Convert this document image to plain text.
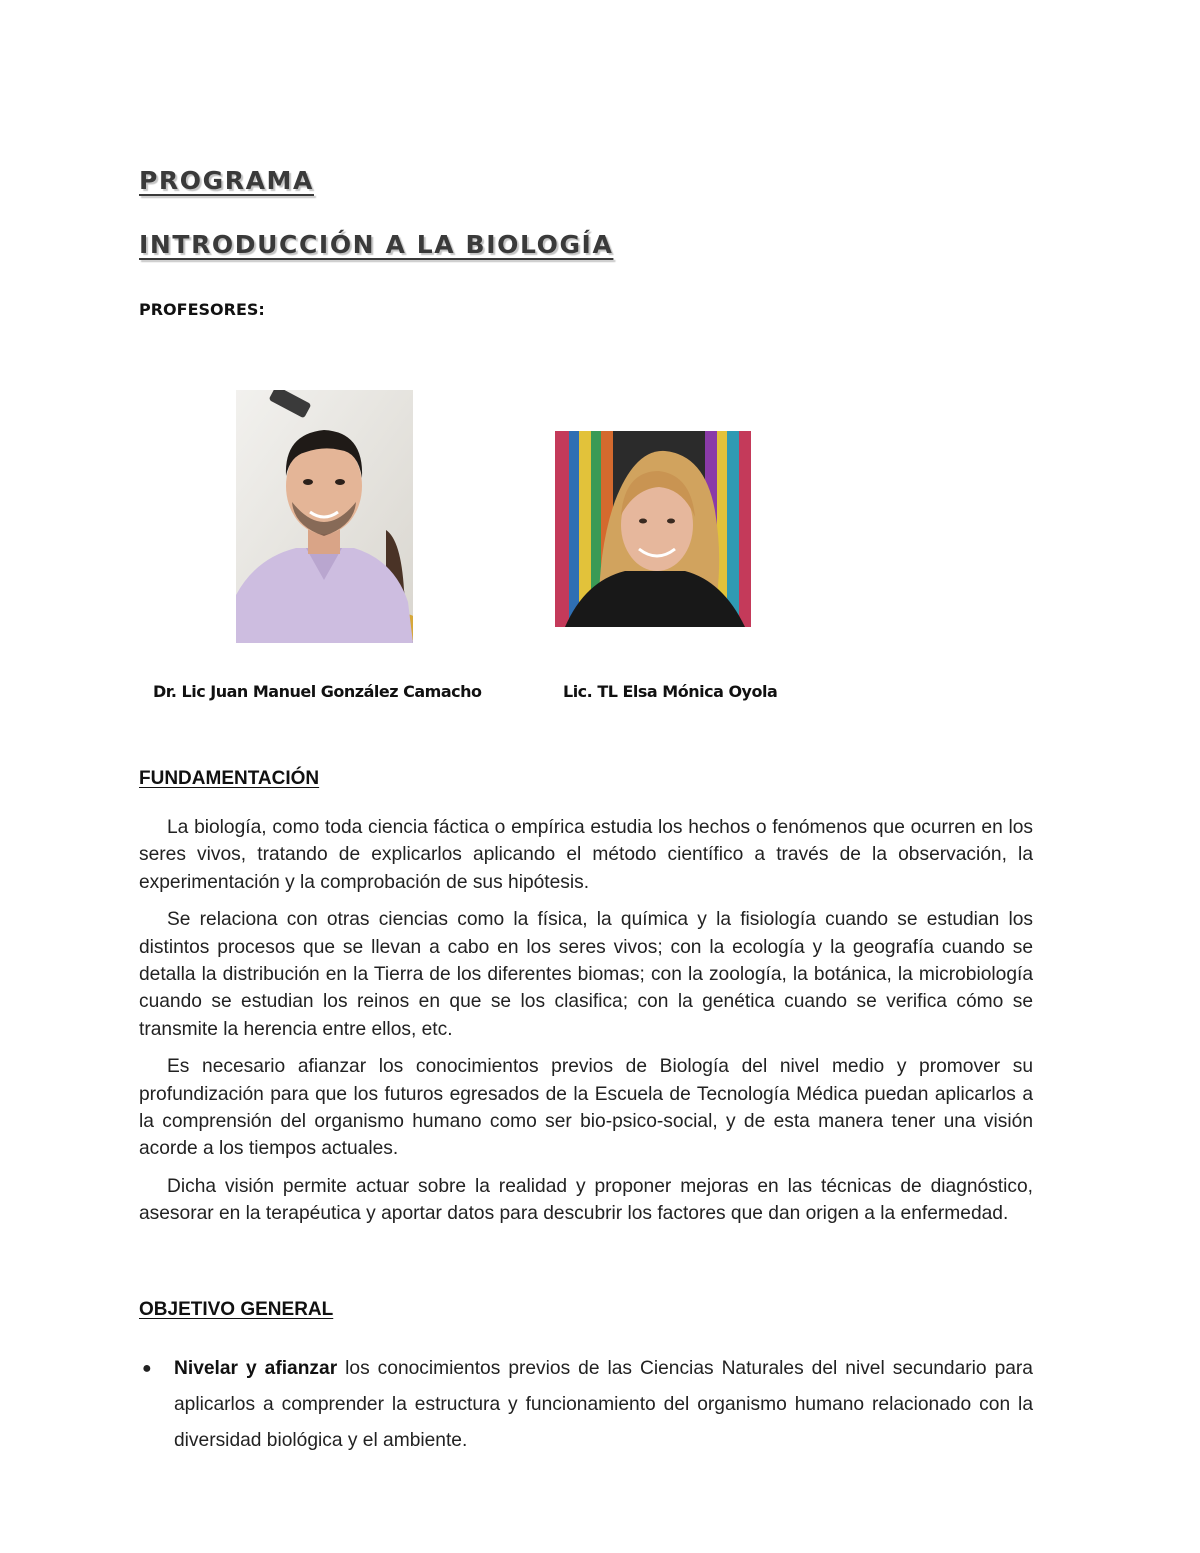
PROGRAMA
INTRODUCCIÓN A LA BIOLOGÍA

PROFESORES:

Dr. Lic Juan Manuel González Camacho	Lic. TL Elsa Mónica Oyola

FUNDAMENTACIÓN

La biología, como toda ciencia fáctica o empírica estudia los hechos o fenómenos que ocurren en los seres vivos, tratando de explicarlos aplicando el método científico a través de la observación, la experimentación y la comprobación de sus hipótesis.

Se relaciona con otras ciencias como la física, la química y la fisiología cuando se estudian los distintos procesos que se llevan a cabo en los seres vivos; con la ecología y la geografía cuando se detalla la distribución en la Tierra de los diferentes biomas; con la zoología, la botánica, la microbiología cuando se estudian los reinos en que se los clasifica; con la genética cuando se verifica cómo se transmite la herencia entre ellos, etc.

Es necesario afianzar los conocimientos previos de Biología del nivel medio y promover su profundización para que los futuros egresados de la Escuela de Tecnología Médica puedan aplicarlos a la comprensión del organismo humano como ser bio-psico-social, y de esta manera tener una visión acorde a los tiempos actuales.

Dicha visión permite actuar sobre la realidad y proponer mejoras en las técnicas de diagnóstico, asesorar en la terapéutica y aportar datos para descubrir los factores que dan origen a la enfermedad.

OBJETIVO GENERAL
● Nivelar y afianzar los conocimientos previos de las Ciencias Naturales del nivel secundario para aplicarlos a comprender la estructura y funcionamiento del organismo humano relacionado con la diversidad biológica y el ambiente.
